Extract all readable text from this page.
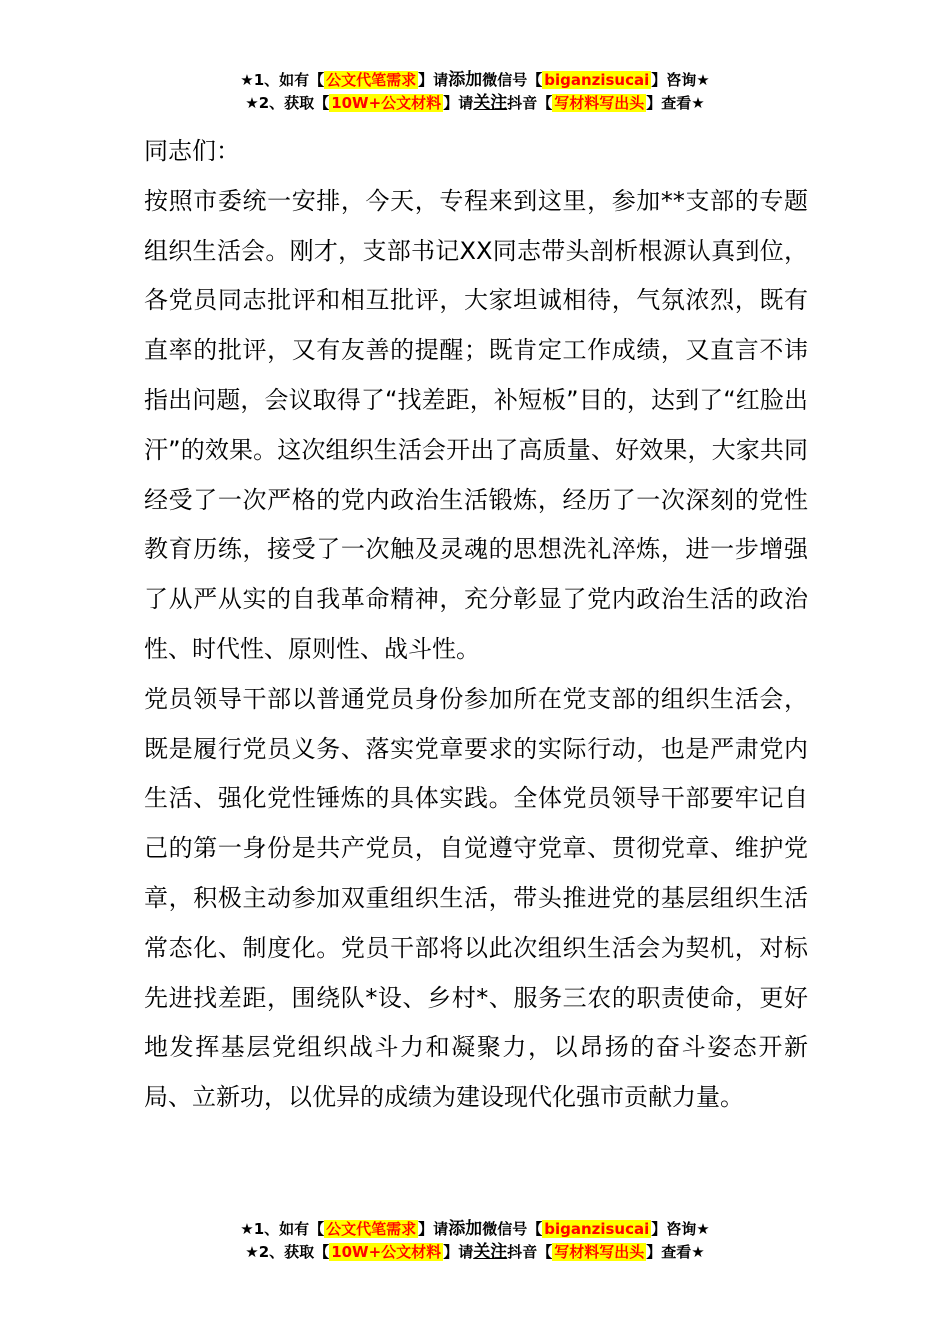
★1、如有【 公文代笔需求 】请添加微信号【 biganzisucai 】咨询★
★2、获取【 10W+公文材料 】请关注抖音【 写材料写出头 】查看★

同志们：

按照市委统一安排，今天，专程来到这里，参加**支部的专题组织生活会。刚才，支部书记XX同志带头剖析根源认真到位，各党员同志批评和相互批评，大家坦诚相待，气氛浓烈，既有直率的批评，又有友善的提醒；既肯定工作成绩，又直言不讳指出问题，会议取得了“找差距，补短板”目的，达到了“红脸出汗”的效果。这次组织生活会开出了高质量、好效果，大家共同经受了一次严格的党内政治生活锻炼，经历了一次深刻的党性教育历练，接受了一次触及灵魂的思想洗礼淬炼，进一步增强了从严从实的自我革命精神，充分彰显了党内政治生活的政治性、时代性、原则性、战斗性。

党员领导干部以普通党员身份参加所在党支部的组织生活会，既是履行党员义务、落实党章要求的实际行动，也是严肃党内生活、强化党性锤炼的具体实践。全体党员领导干部要牢记自己的第一身份是共产党员，自觉遵守党章、贯彻党章、维护党章，积极主动参加双重组织生活，带头推进党的基层组织生活常态化、制度化。党员干部将以此次组织生活会为契机，对标先进找差距，围绕队*设、乡村*、服务三农的职责使命，更好地发挥基层党组织战斗力和凝聚力，以昂扬的奋斗姿态开新局、立新功，以优异的成绩为建设现代化强市贡献力量。

★1、如有【 公文代笔需求 】请添加微信号【 biganzisucai 】咨询★
★2、获取【 10W+公文材料 】请关注抖音【 写材料写出头 】查看★
